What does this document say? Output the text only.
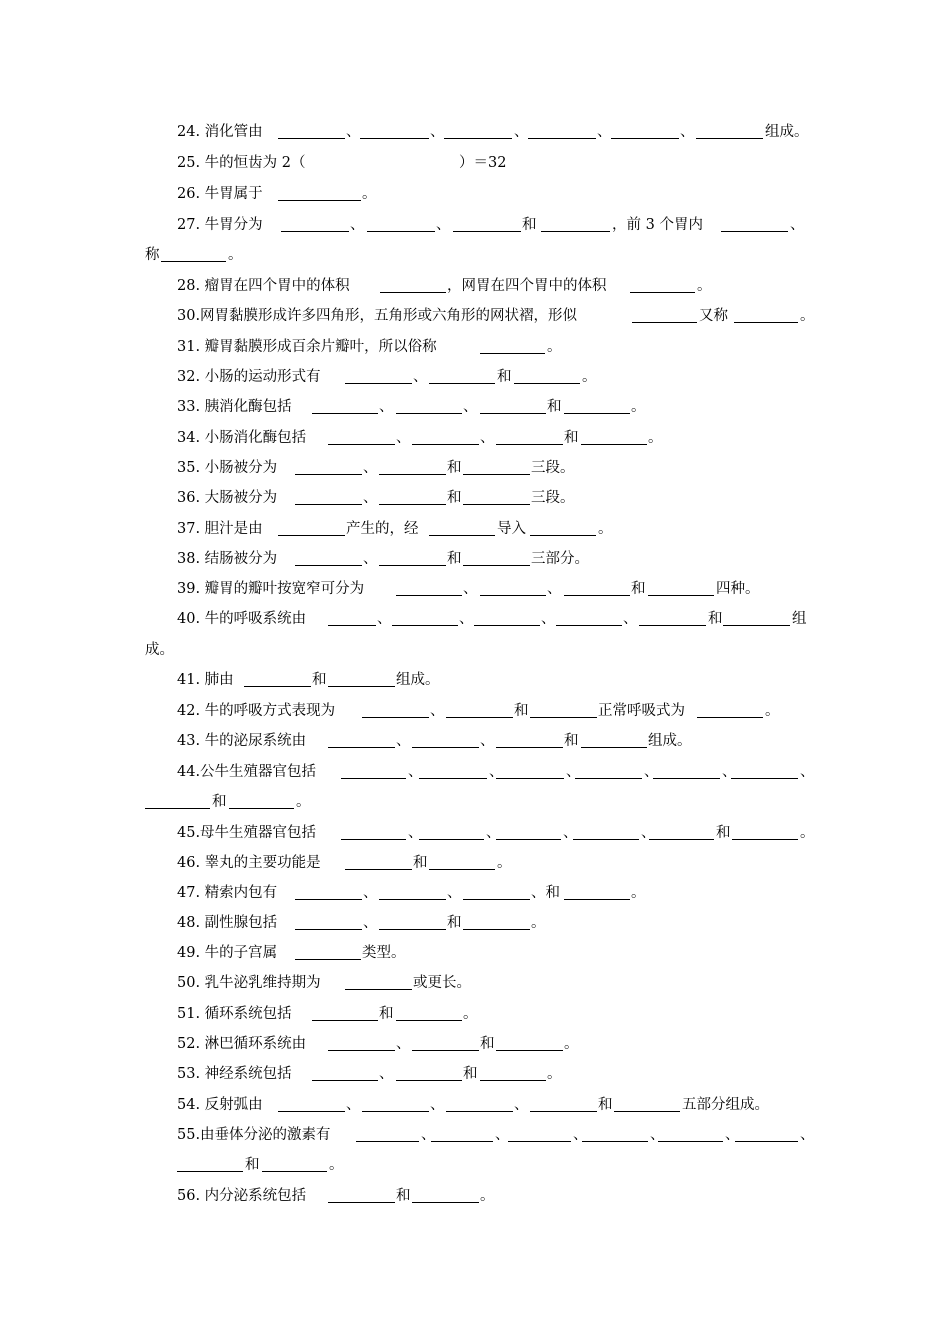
24. 消化管由	、	、	、	、	、	组成。
25. 牛的恒齿为 2（	）＝32
26. 牛胃属于	。
27. 牛胃分为	、	、	和	，前 3 个胃内	、
称	。
28. 瘤胃在四个胃中的体积	，网胃在四个胃中的体积	。
30.网胃黏膜形成许多四角形，五角形或六角形的网状褶，形似	又称	。
31. 瓣胃黏膜形成百余片瓣叶，所以俗称	。
32. 小肠的运动形式有	、	和	。
33. 胰消化酶包括	、	、	和	。
34. 小肠消化酶包括	、	、	和	。
35. 小肠被分为	、	和	三段。
36. 大肠被分为	、	和	三段。
37. 胆汁是由	产生的，经	导入	。
38. 结肠被分为	、	和	三部分。
39. 瓣胃的瓣叶按宽窄可分为	、	、	和	四种。
40. 牛的呼吸系统由	、	、	、	、	和	组
成。
41. 肺由	和	组成。
42. 牛的呼吸方式表现为	、	和	正常呼吸式为	。
43. 牛的泌尿系统由	、	、	和	组成。
44.公牛生殖器官包括	、	、	、	、	、	、
和	。
45.母牛生殖器官包括	、	、	、	、	和	。
46. 睾丸的主要功能是	和	。
47. 精索内包有	、	、	、和	。
48. 副性腺包括	、	和	。
49. 牛的子宫属	类型。
50. 乳牛泌乳维持期为	或更长。
51. 循环系统包括	和	。
52. 淋巴循环系统由	、	和	。
53. 神经系统包括	、	和	。
54. 反射弧由	、	、	、	和	五部分组成。
55.由垂体分泌的激素有	、	、	、	、	、	、
和	。
56. 内分泌系统包括	和	。
